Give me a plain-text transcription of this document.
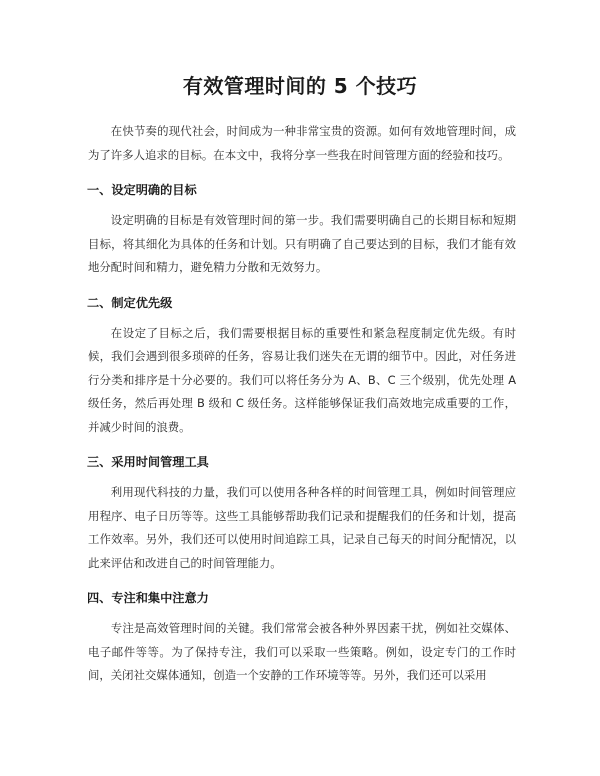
有效管理时间的 5 个技巧

在快节奏的现代社会，时间成为一种非常宝贵的资源。如何有效地管理时间，成为了许多人追求的目标。在本文中，我将分享一些我在时间管理方面的经验和技巧。

一、设定明确的目标

设定明确的目标是有效管理时间的第一步。我们需要明确自己的长期目标和短期目标，将其细化为具体的任务和计划。只有明确了自己要达到的目标，我们才能有效地分配时间和精力，避免精力分散和无效努力。

二、制定优先级

在设定了目标之后，我们需要根据目标的重要性和紧急程度制定优先级。有时候，我们会遇到很多琐碎的任务，容易让我们迷失在无谓的细节中。因此，对任务进行分类和排序是十分必要的。我们可以将任务分为 A、B、C 三个级别，优先处理 A 级任务，然后再处理 B 级和 C 级任务。这样能够保证我们高效地完成重要的工作，并减少时间的浪费。

三、采用时间管理工具

利用现代科技的力量，我们可以使用各种各样的时间管理工具，例如时间管理应用程序、电子日历等等。这些工具能够帮助我们记录和提醒我们的任务和计划，提高工作效率。另外，我们还可以使用时间追踪工具，记录自己每天的时间分配情况，以此来评估和改进自己的时间管理能力。

四、专注和集中注意力

专注是高效管理时间的关键。我们常常会被各种外界因素干扰，例如社交媒体、电子邮件等等。为了保持专注，我们可以采取一些策略。例如，设定专门的工作时间，关闭社交媒体通知，创造一个安静的工作环境等等。另外，我们还可以采用
